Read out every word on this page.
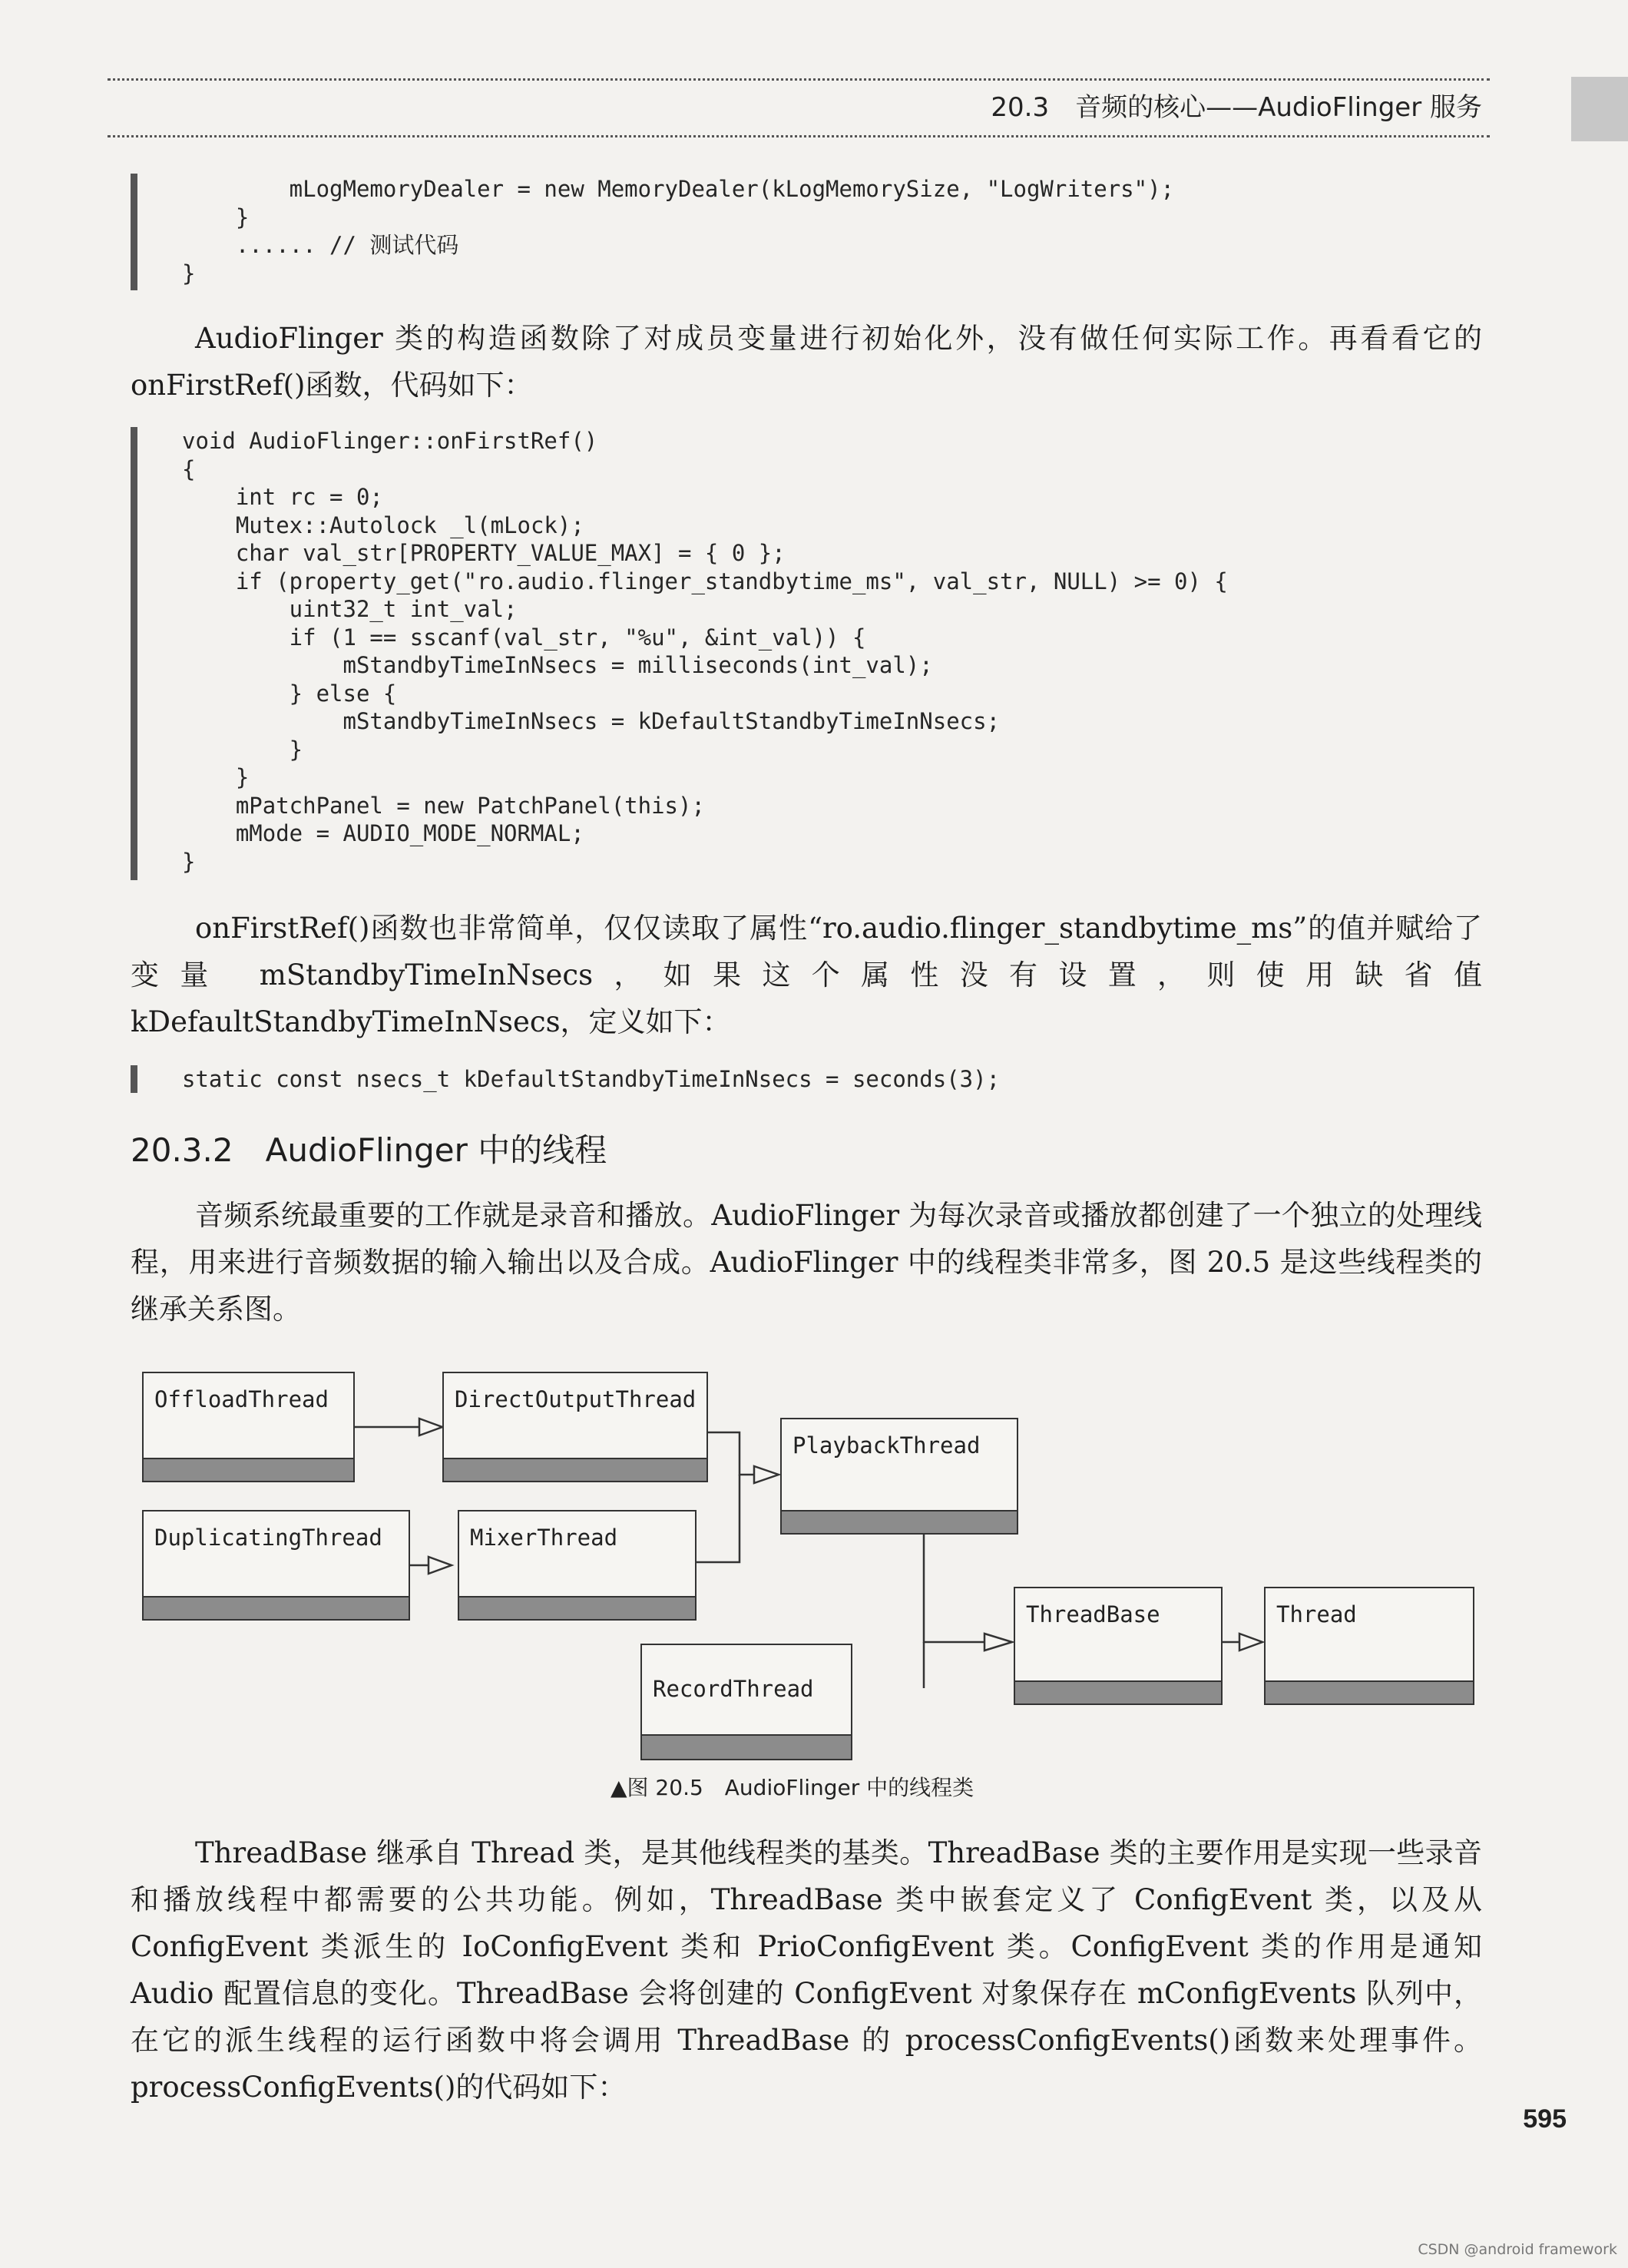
20.3　音频的核心——AudioFlinger 服务
mLogMemoryDealer = new MemoryDealer(kLogMemorySize, "LogWriters");
}
...... // 测试代码
}

AudioFlinger 类的构造函数除了对成员变量进行初始化外，没有做任何实际工作。再看看它的 onFirstRef()函数，代码如下：

void AudioFlinger::onFirstRef()
{
int rc = 0;
Mutex::Autolock _l(mLock);
char val_str[PROPERTY_VALUE_MAX] = { 0 };
if (property_get("ro.audio.flinger_standbytime_ms", val_str, NULL) >= 0) {
uint32_t int_val;
if (1 == sscanf(val_str, "%u", &int_val)) {
mStandbyTimeInNsecs = milliseconds(int_val);
} else {
mStandbyTimeInNsecs = kDefaultStandbyTimeInNsecs;
}
}
mPatchPanel = new PatchPanel(this);
mMode = AUDIO_MODE_NORMAL;
}

onFirstRef()函数也非常简单，仅仅读取了属性“ro.audio.flinger_standbytime_ms”的值并赋给了变量 mStandbyTimeInNsecs，如果这个属性没有设置，则使用缺省值 kDefaultStandbyTimeInNsecs，定义如下：

static const nsecs_t kDefaultStandbyTimeInNsecs = seconds(3);
20.3.2　AudioFlinger 中的线程

音频系统最重要的工作就是录音和播放。AudioFlinger 为每次录音或播放都创建了一个独立的处理线程，用来进行音频数据的输入输出以及合成。AudioFlinger 中的线程类非常多，图 20.5 是这些线程类的继承关系图。

OffloadThread	DirectOutputThread
PlaybackThread
DuplicatingThread	MixerThread
ThreadBase	Thread
RecordThread
▲图 20.5　AudioFlinger 中的线程类

ThreadBase 继承自 Thread 类，是其他线程类的基类。ThreadBase 类的主要作用是实现一些录音和播放线程中都需要的公共功能。例如，ThreadBase 类中嵌套定义了 ConfigEvent 类，以及从 ConfigEvent 类派生的 IoConfigEvent 类和 PrioConfigEvent 类。ConfigEvent 类的作用是通知 Audio 配置信息的变化。ThreadBase 会将创建的 ConfigEvent 对象保存在 mConfigEvents 队列中，在它的派生线程的运行函数中将会调用 ThreadBase 的 processConfigEvents()函数来处理事件。processConfigEvents()的代码如下：

595
CSDN @android framework
